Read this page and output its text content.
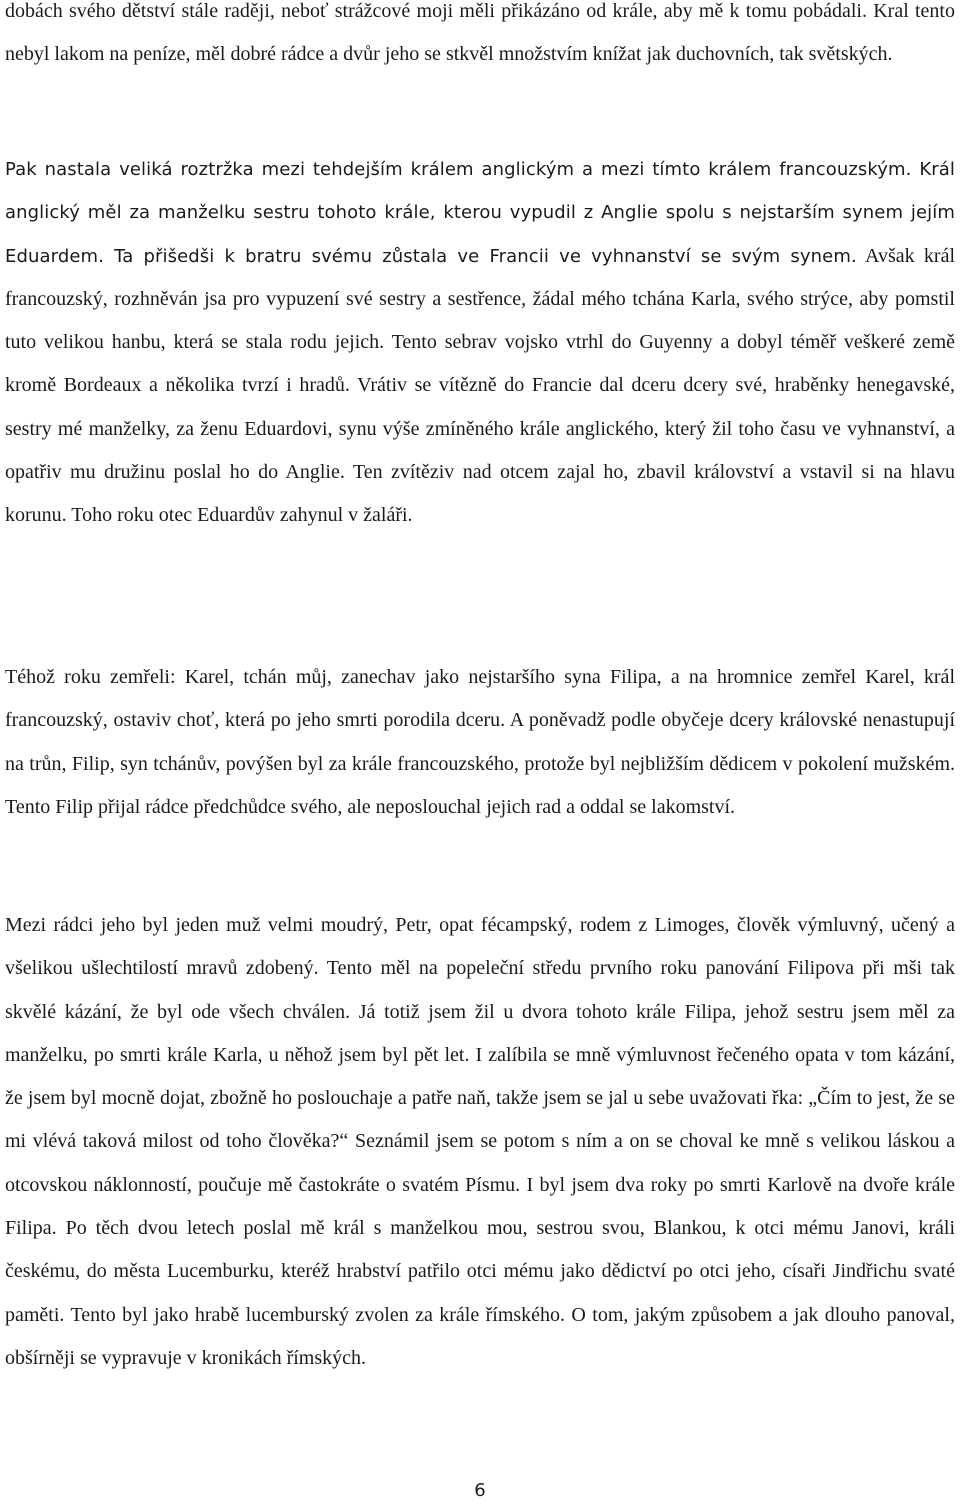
dobách svého dětství stále raději, neboť strážcové moji měli přikázáno od krále, aby mě k tomu pobádali. Kral tento nebyl lakom na peníze, měl dobré rádce a dvůr jeho se stkvěl množstvím knížat jak duchovních, tak světských.

Pak nastala veliká roztržka mezi tehdejším králem anglickým a mezi tímto králem francouzským. Král anglický měl za manželku sestru tohoto krále, kterou vypudil z Anglie spolu s nejstarším synem jejím Eduardem. Ta přišedši k bratru svému zůstala ve Francii ve vyhnanství se svým synem. Avšak král francouzský, rozhněván jsa pro vypuzení své sestry a sestřence, žádal mého tchána Karla, svého strýce, aby pomstil tuto velikou hanbu, která se stala rodu jejich. Tento sebrav vojsko vtrhl do Guyenny a dobyl téměř veškeré země kromě Bordeaux a několika tvrzí i hradů. Vrátiv se vítězně do Francie dal dceru dcery své, hraběnky henegavské, sestry mé manželky, za ženu Eduardovi, synu výše zmíněného krále anglického, který žil toho času ve vyhnanství, a opatřiv mu družinu poslal ho do Anglie. Ten zvítěziv nad otcem zajal ho, zbavil království a vstavil si na hlavu korunu. Toho roku otec Eduardův zahynul v žaláři.

Téhož roku zemřeli: Karel, tchán můj, zanechav jako nejstaršího syna Filipa, a na hromnice zemřel Karel, král francouzský, ostaviv choť, která po jeho smrti porodila dceru. A poněvadž podle obyčeje dcery královské nenastupují na trůn, Filip, syn tchánův, povýšen byl za krále francouzského, protože byl nejbližším dědicem v pokolení mužském. Tento Filip přijal rádce předchůdce svého, ale neposlouchal jejich rad a oddal se lakomství.

Mezi rádci jeho byl jeden muž velmi moudrý, Petr, opat fécampský, rodem z Limoges, člověk výmluvný, učený a všelikou ušlechtilostí mravů zdobený. Tento měl na popeleční středu prvního roku panování Filipova při mši tak skvělé kázání, že byl ode všech chválen. Já totiž jsem žil u dvora tohoto krále Filipa, jehož sestru jsem měl za manželku, po smrti krále Karla, u něhož jsem byl pět let. I zalíbila se mně výmluvnost řečeného opata v tom kázání, že jsem byl mocně dojat, zbožně ho poslouchaje a patře naň, takže jsem se jal u sebe uvažovati řka: „Čím to jest, že se mi vlévá taková milost od toho člověka?“ Seznámil jsem se potom s ním a on se choval ke mně s velikou láskou a otcovskou náklonností, poučuje mě častokráte o svatém Písmu. I byl jsem dva roky po smrti Karlově na dvoře krále Filipa. Po těch dvou letech poslal mě král s manželkou mou, sestrou svou, Blankou, k otci mému Janovi, králi českému, do města Lucemburku, kteréž hrabství patřilo otci mému jako dědictví po otci jeho, císaři Jindřichu svaté paměti. Tento byl jako hrabě lucemburský zvolen za krále římského. O tom, jakým způsobem a jak dlouho panoval, obšírněji se vypravuje v kronikách římských.

6
